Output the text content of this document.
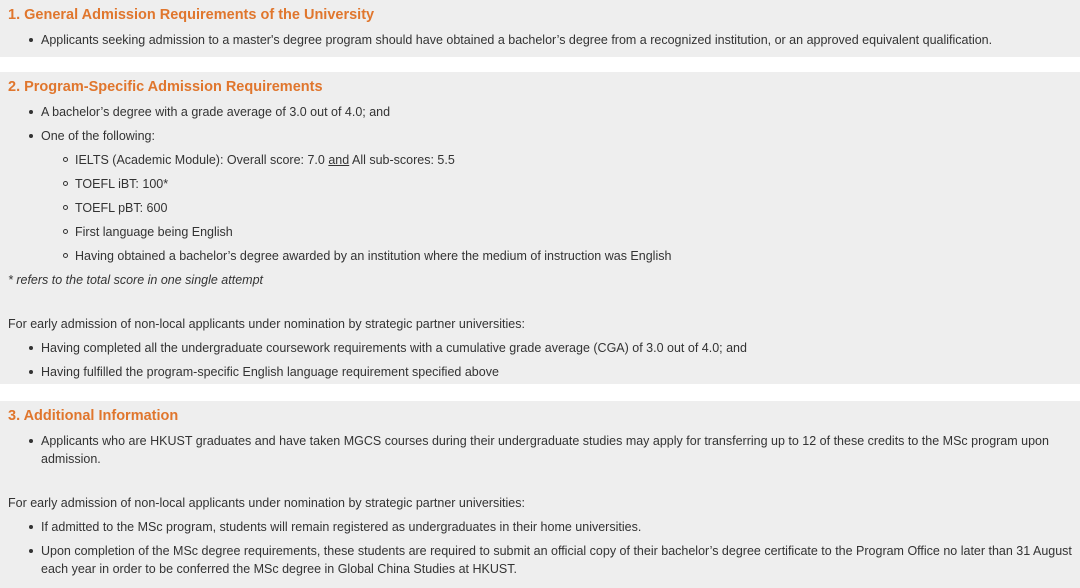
1. General Admission Requirements of the University
Applicants seeking admission to a master's degree program should have obtained a bachelor’s degree from a recognized institution, or an approved equivalent qualification.
2. Program-Specific Admission Requirements
A bachelor’s degree with a grade average of 3.0 out of 4.0; and
One of the following:
IELTS (Academic Module): Overall score: 7.0 and All sub-scores: 5.5
TOEFL iBT: 100*
TOEFL pBT: 600
First language being English
Having obtained a bachelor’s degree awarded by an institution where the medium of instruction was English
* refers to the total score in one single attempt
For early admission of non-local applicants under nomination by strategic partner universities:
Having completed all the undergraduate coursework requirements with a cumulative grade average (CGA) of 3.0 out of 4.0; and
Having fulfilled the program-specific English language requirement specified above
3. Additional Information
Applicants who are HKUST graduates and have taken MGCS courses during their undergraduate studies may apply for transferring up to 12 of these credits to the MSc program upon admission.
For early admission of non-local applicants under nomination by strategic partner universities:
If admitted to the MSc program, students will remain registered as undergraduates in their home universities.
Upon completion of the MSc degree requirements, these students are required to submit an official copy of their bachelor’s degree certificate to the Program Office no later than 31 August each year in order to be conferred the MSc degree in Global China Studies at HKUST.
